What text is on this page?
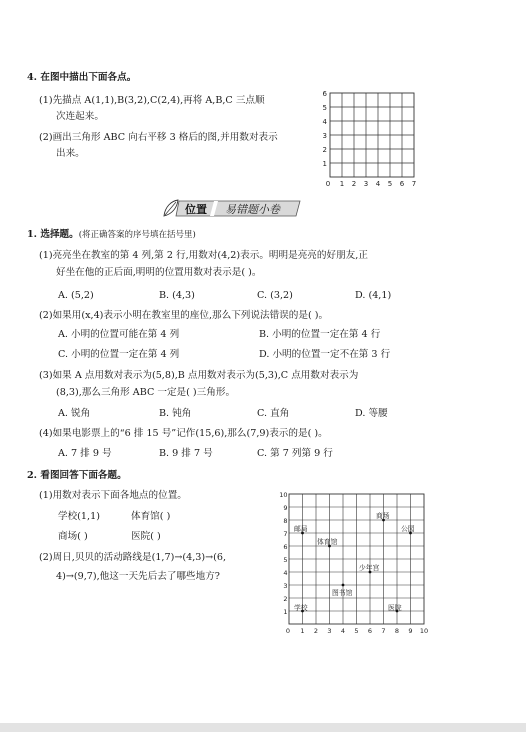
4. 在图中描出下面各点。
(1)先描点 A(1,1),B(3,2),C(2,4),再将 A,B,C 三点顺
次连起来。
(2)画出三角形 ABC 向右平移 3 格后的图,并用数对表示
出来。
6
5
4
3
2
1
0 1 2 3 4 5 6 7
位置 易错题小卷
1. 选择题。(将正确答案的序号填在括号里)
(1)亮亮坐在教室的第 4 列,第 2 行,用数对(4,2)表示。明明是亮亮的好朋友,正
好坐在他的正后面,明明的位置用数对表示是( )。
A. (5,2)	B. (4,3)	C. (3,2)	D. (4,1)
(2)如果用(x,4)表示小明在教室里的座位,那么下列说法错误的是( )。
A. 小明的位置可能在第 4 列	B. 小明的位置一定在第 4 行
C. 小明的位置一定在第 4 列	D. 小明的位置一定不在第 3 行
(3)如果 A 点用数对表示为(5,8),B 点用数对表示为(5,3),C 点用数对表示为
(8,3),那么三角形 ABC 一定是( )三角形。
A. 锐角	B. 钝角	C. 直角	D. 等腰
(4)如果电影票上的“6 排 15 号”记作(15,6),那么(7,9)表示的是( )。
A. 7 排 9 号	B. 9 排 7 号	C. 第 7 列第 9 行
2. 看图回答下面各题。
(1)用数对表示下面各地点的位置。
学校(1,1)	体育馆( )
商场( )	医院( )
(2)周日,贝贝的活动路线是(1,7)→(4,3)→(6,
4)→(9,7),他这一天先后去了哪些地方?
10
9
8
7
6
5
4
3
2
1
0 1 2 3 4 5 6 7 8 9 10
邮局
体育馆
商场
公园
少年宫
图书馆
学校	医院
